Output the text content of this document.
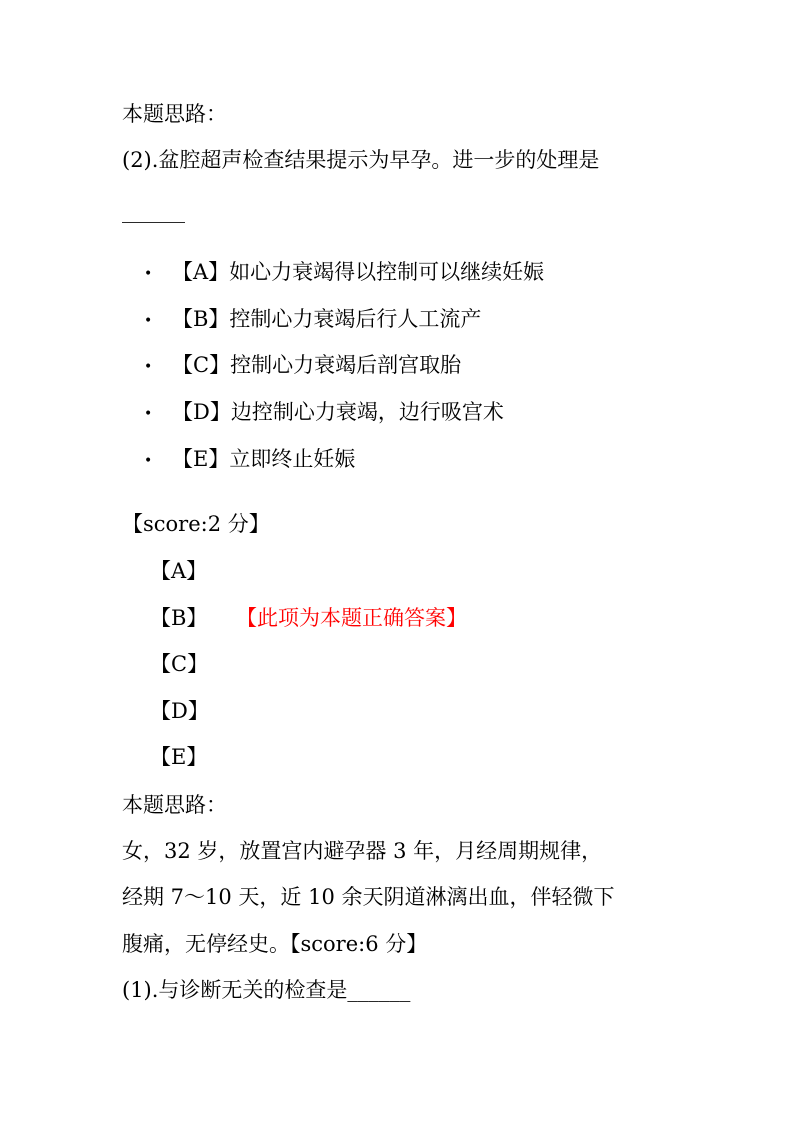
本题思路：
(2).盆腔超声检查结果提示为早孕。进一步的处理是
______
• 【A】如心力衰竭得以控制可以继续妊娠
• 【B】控制心力衰竭后行人工流产
• 【C】控制心力衰竭后剖宫取胎
• 【D】边控制心力衰竭，边行吸宫术
• 【E】立即终止妊娠
【score:2 分】
【A】
【B】 【此项为本题正确答案】
【C】
【D】
【E】
本题思路：
女，32 岁，放置宫内避孕器 3 年，月经周期规律，
经期 7～10 天，近 10 余天阴道淋漓出血，伴轻微下
腹痛，无停经史。【score:6 分】
(1).与诊断无关的检查是______
